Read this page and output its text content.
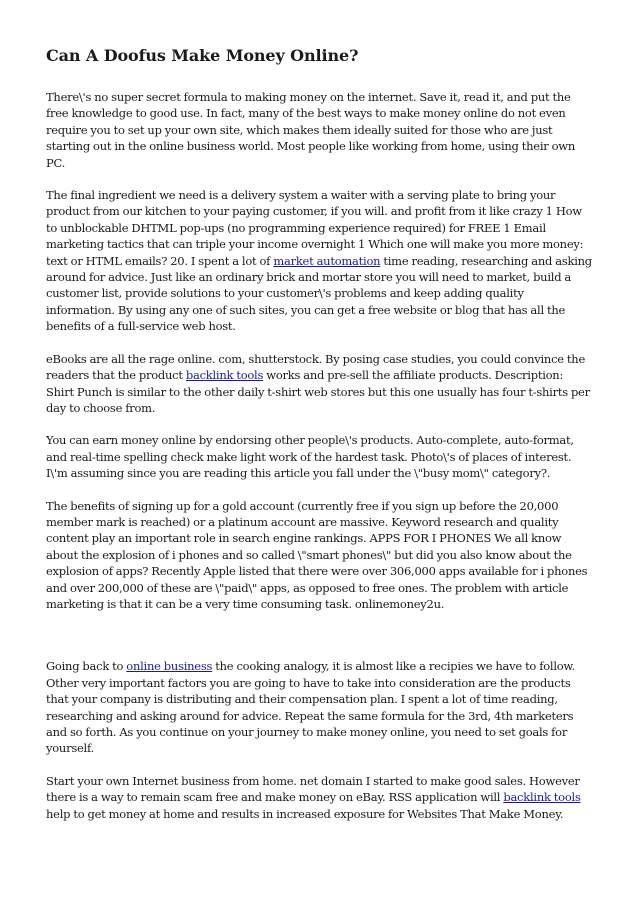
Can A Doofus Make Money Online?

There\'s no super secret formula to making money on the internet. Save it, read it, and put the free knowledge to good use. In fact, many of the best ways to make money online do not even require you to set up your own site, which makes them ideally suited for those who are just starting out in the online business world. Most people like working from home, using their own PC.

The final ingredient we need is a delivery system a waiter with a serving plate to bring your product from our kitchen to your paying customer, if you will. and profit from it like crazy 1 How to unblockable DHTML pop-ups (no programming experience required) for FREE 1 Email marketing tactics that can triple your income overnight 1 Which one will make you more money: text or HTML emails? 20. I spent a lot of market automation time reading, researching and asking around for advice. Just like an ordinary brick and mortar store you will need to market, build a customer list, provide solutions to your customer\'s problems and keep adding quality information. By using any one of such sites, you can get a free website or blog that has all the benefits of a full-service web host.

eBooks are all the rage online. com, shutterstock. By posing case studies, you could convince the readers that the product backlink tools works and pre-sell the affiliate products. Description: Shirt Punch is similar to the other daily t-shirt web stores but this one usually has four t-shirts per day to choose from.

You can earn money online by endorsing other people\'s products. Auto-complete, auto-format, and real-time spelling check make light work of the hardest task. Photo\'s of places of interest. I\'m assuming since you are reading this article you fall under the \"busy mom\" category?.

The benefits of signing up for a gold account (currently free if you sign up before the 20,000 member mark is reached) or a platinum account are massive. Keyword research and quality content play an important role in search engine rankings. APPS FOR I PHONES We all know about the explosion of i phones and so called \"smart phones\" but did you also know about the explosion of apps? Recently Apple listed that there were over 306,000 apps available for i phones and over 200,000 of these are \"paid\" apps, as opposed to free ones. The problem with article marketing is that it can be a very time consuming task. onlinemoney2u.

Going back to online business the cooking analogy, it is almost like a recipies we have to follow. Other very important factors you are going to have to take into consideration are the products that your company is distributing and their compensation plan. I spent a lot of time reading, researching and asking around for advice. Repeat the same formula for the 3rd, 4th marketers and so forth. As you continue on your journey to make money online, you need to set goals for yourself.

Start your own Internet business from home. net domain I started to make good sales. However there is a way to remain scam free and make money on eBay. RSS application will backlink tools help to get money at home and results in increased exposure for Websites That Make Money.
